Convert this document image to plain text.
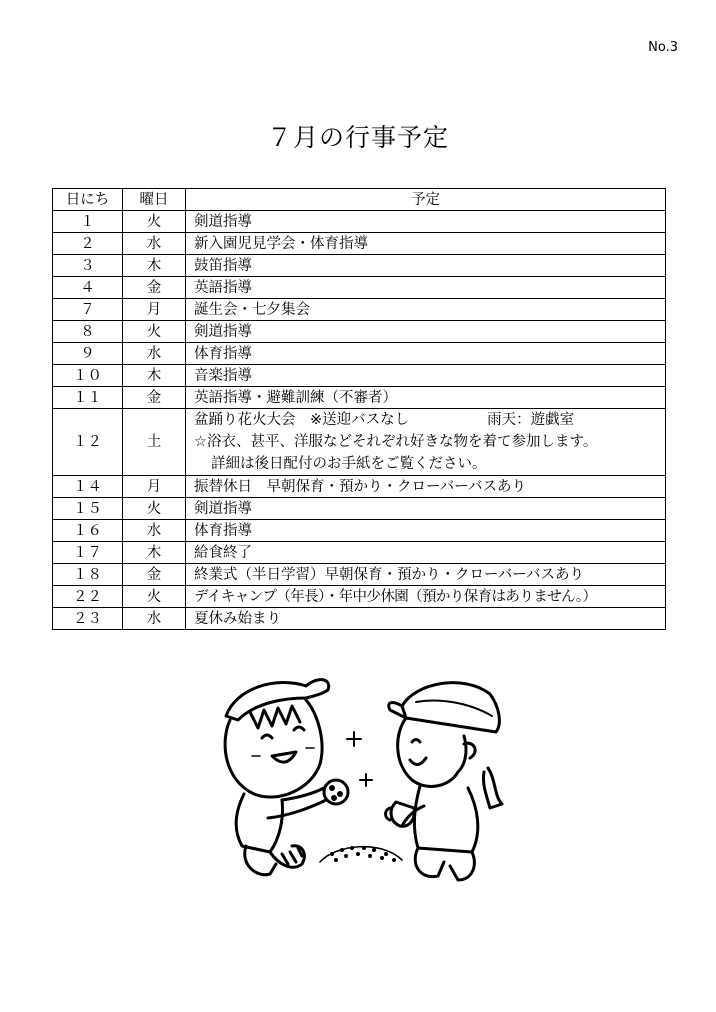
No.3
７月の行事予定
日にち	曜日	予定
１	火	剣道指導
２	水	新入園児見学会・体育指導
３	木	鼓笛指導
４	金	英語指導
７	月	誕生会・七夕集会
８	火	剣道指導
９	水	体育指導
１０	木	音楽指導
１１	金	英語指導・避難訓練（不審者）
１２	土	盆踊り花火大会　※送迎バスなし 雨天：遊戯室
☆浴衣、甚平、洋服などそれぞれ好きな物を着て参加します。
詳細は後日配付のお手紙をご覧ください。

１４	月	振替休日　早朝保育・預かり・クローバーバスあり
１５	火	剣道指導
１６	水	体育指導
１７	木	給食終了
１８	金	終業式（半日学習）早朝保育・預かり・クローバーバスあり
２２	火	デイキャンプ（年長）・年中少休園（預かり保育はありません。）
２３	水	夏休み始まり
